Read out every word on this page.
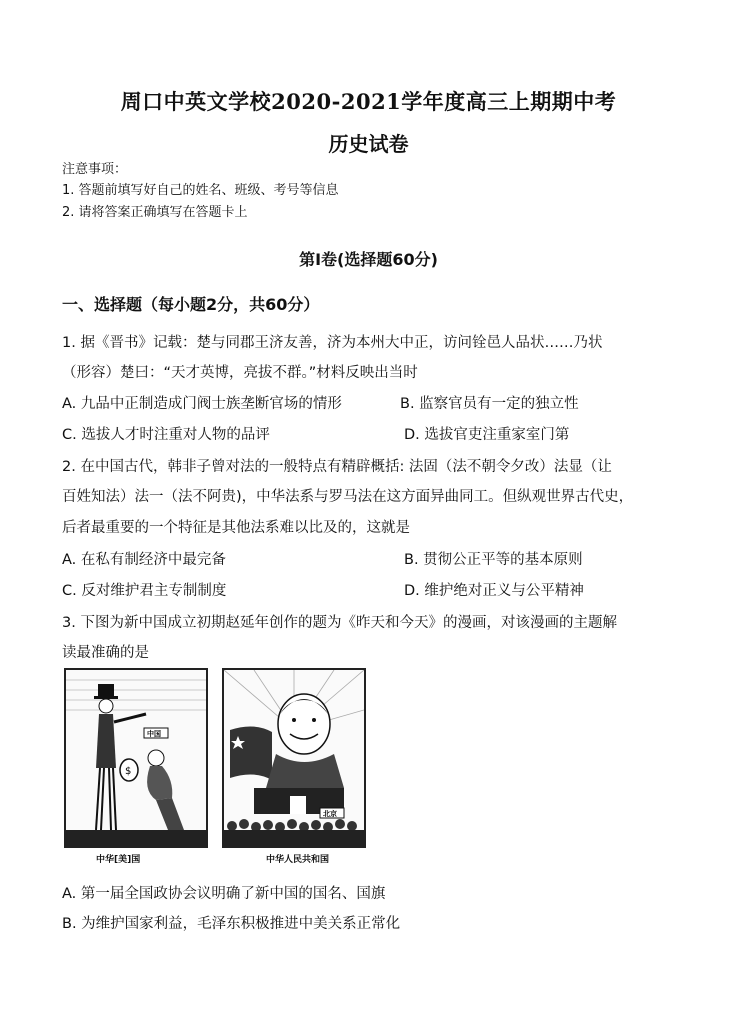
周口中英文学校2020-2021学年度高三上期期中考
历史试卷
注意事项：
1. 答题前填写好自己的姓名、班级、考号等信息
2. 请将答案正确填写在答题卡上
第Ⅰ卷(选择题60分)
一、选择题（每小题2分，共60分）
1. 据《晋书》记载：楚与同郡王济友善，济为本州大中正，访问铨邑人品状……乃状
（形容）楚曰：“天才英博，亮拔不群。”材料反映出当时
A. 九品中正制造成门阀士族垄断官场的情形	B. 监察官员有一定的独立性
C. 选拔人才时注重对人物的品评	D. 选拔官吏注重家室门第
2. 在中国古代，韩非子曾对法的一般特点有精辟概括: 法固（法不朝令夕改）法显（让
百姓知法）法一（法不阿贵)，中华法系与罗马法在这方面异曲同工。但纵观世界古代史，
后者最重要的一个特征是其他法系难以比及的，这就是
A. 在私有制经济中最完备	B. 贯彻公正平等的基本原则
C. 反对维护君主专制制度	D. 维护绝对正义与公平精神
3. 下图为新中国成立初期赵延年创作的题为《昨天和今天》的漫画，对该漫画的主题解
读最准确的是
$
中国
中华[美]国
北京
中华人民共和国
A. 第一届全国政协会议明确了新中国的国名、国旗
B. 为维护国家利益，毛泽东积极推进中美关系正常化
